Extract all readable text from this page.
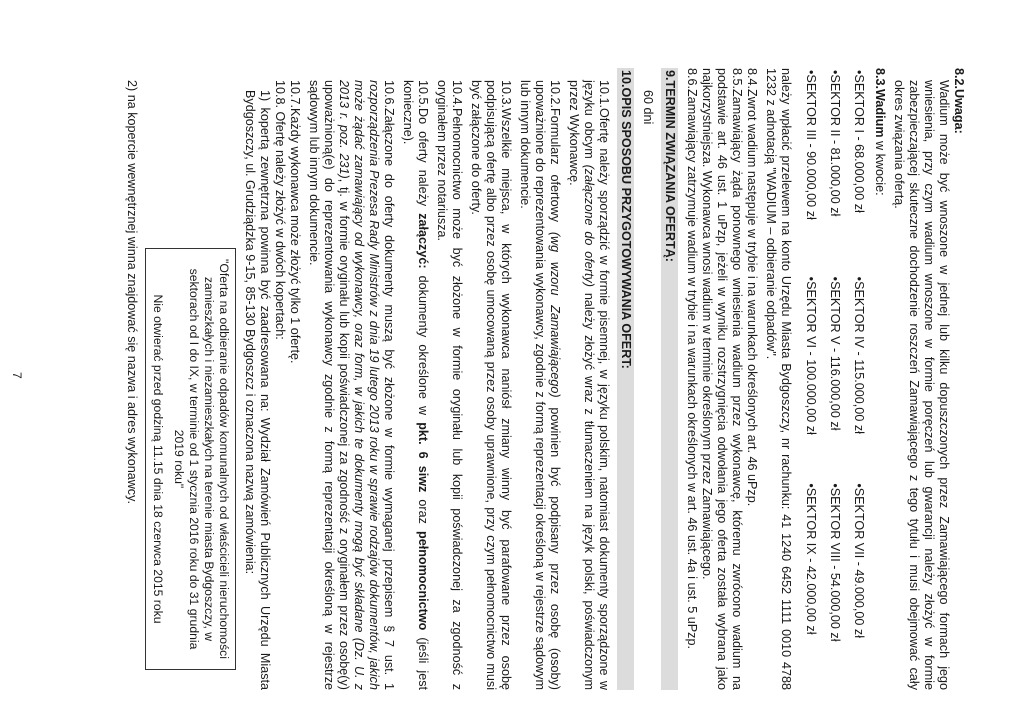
8.2.Uwaga:

Wadium może być wnoszone w jednej lub kilku dopuszczonych przez Zamawiającego formach jego wniesienia, przy czym wadium wnoszone w formie poręczeń lub gwarancji należy złożyć w formie zabezpieczającej skuteczne dochodzenie roszczeń Zamawiającego z tego tytułu i musi obejmować cały okres związania ofertą.

8.3.Wadium w kwocie:

• SEKTOR I - 68.000,00 zł
• SEKTOR IV - 115.000,00 zł
• SEKTOR VII - 49.000,00 zł
• SEKTOR II - 81.000,00 zł
• SEKTOR V - 116.000,00 zł
• SEKTOR VIII - 54.000,00 zł
• SEKTOR III - 90.000,00 zł
• SEKTOR VI - 100.000,00 zł
• SEKTOR IX - 42.000,00 zł

należy wpłacić przelewem na konto Urzędu Miasta Bydgoszczy, nr rachunku: 41 1240 6452 1111 0010 4788 1232 z adnotacją "WADIUM – odbieranie odpadów".

8.4.Zwrot wadium następuje w trybie i na warunkach określonych art. 46 uPzp.

8.5.Zamawiający żąda ponownego wniesienia wadium przez wykonawcę, któremu zwrócono wadium na podstawie art. 46 ust. 1 uPzp, jeżeli w wyniku rozstrzygnięcia odwołania jego oferta została wybrana jako najkorzystniejsza. Wykonawca wnosi wadium w terminie określonym przez Zamawiającego.

8.6.Zamawiający zatrzymuje wadium w trybie i na warunkach określonych w art. 46 ust. 4a i ust. 5 uPzp.

9.TERMIN ZWIĄZANIA OFERTĄ:

60 dni

10.OPIS SPOSOBU PRZYGOTOWYWANIA OFERT:

10.1.Ofertę należy sporządzić w formie pisemnej, w języku polskim, natomiast dokumenty sporządzone w języku obcym (załączone do oferty) należy złożyć wraz z tłumaczeniem na język polski, poświadczonym przez Wykonawcę.

10.2.Formularz ofertowy (wg wzoru Zamawiającego) powinien być podpisany przez osobę (osoby) upoważnione do reprezentowania wykonawcy, zgodnie z formą reprezentacji określoną w rejestrze sądowym lub innym dokumencie.

10.3.Wszelkie miejsca, w których wykonawca naniósł zmiany winny być parafowane przez osobę podpisującą ofertę albo przez osobę umocowaną przez osoby uprawnione, przy czym pełnomocnictwo musi być załączone do oferty.

10.4.Pełnomocnictwo może być złożone w formie oryginału lub kopii poświadczonej za zgodność z oryginałem przez notariusza.

10.5.Do oferty należy załączyć: dokumenty określone w pkt. 6 siwz oraz pełnomocnictwo (jeśli jest konieczne).

10.6.Załączone do oferty dokumenty muszą być złożone w formie wymaganej przepisem § 7 ust. 1 rozporządzenia Prezesa Rady Ministrów z dnia 19 lutego 2013 roku w sprawie rodzajów dokumentów, jakich może żądać zamawiający od wykonawcy, oraz form, w jakich te dokumenty mogą być składane (Dz. U. z 2013 r. poz. 231), tj. w formie oryginału lub kopii poświadczonej za zgodność z oryginałem przez osobę(y) upoważnioną(e) do reprezentowania wykonawcy zgodnie z formą reprezentacji określoną w rejestrze sądowym lub innym dokumencie.

10.7.Każdy wykonawca może złożyć tylko 1 ofertę.

10.8. Ofertę należy złożyć w dwóch kopertach:

1) kopertą zewnętrzna powinna być zaadresowana na: Wydział Zamówień Publicznych Urzędu Miasta Bydgoszczy, ul. Grudziądzka 9-15, 85-130 Bydgoszcz i oznaczona nazwą zamówienia:

"Oferta na odbieranie odpadów komunalnych od właścicieli nieruchomości zamieszkałych i niezamieszkałych na terenie miasta Bydgoszczy, w sektorach od I do IX, w terminie od 1 stycznia 2016 roku do 31 grudnia 2019 roku"

Nie otwierać przed godziną 11.15 dnia 18 czerwca 2015 roku

2) na kopercie wewnętrznej winna znajdować się nazwa i adres wykonawcy.

7
